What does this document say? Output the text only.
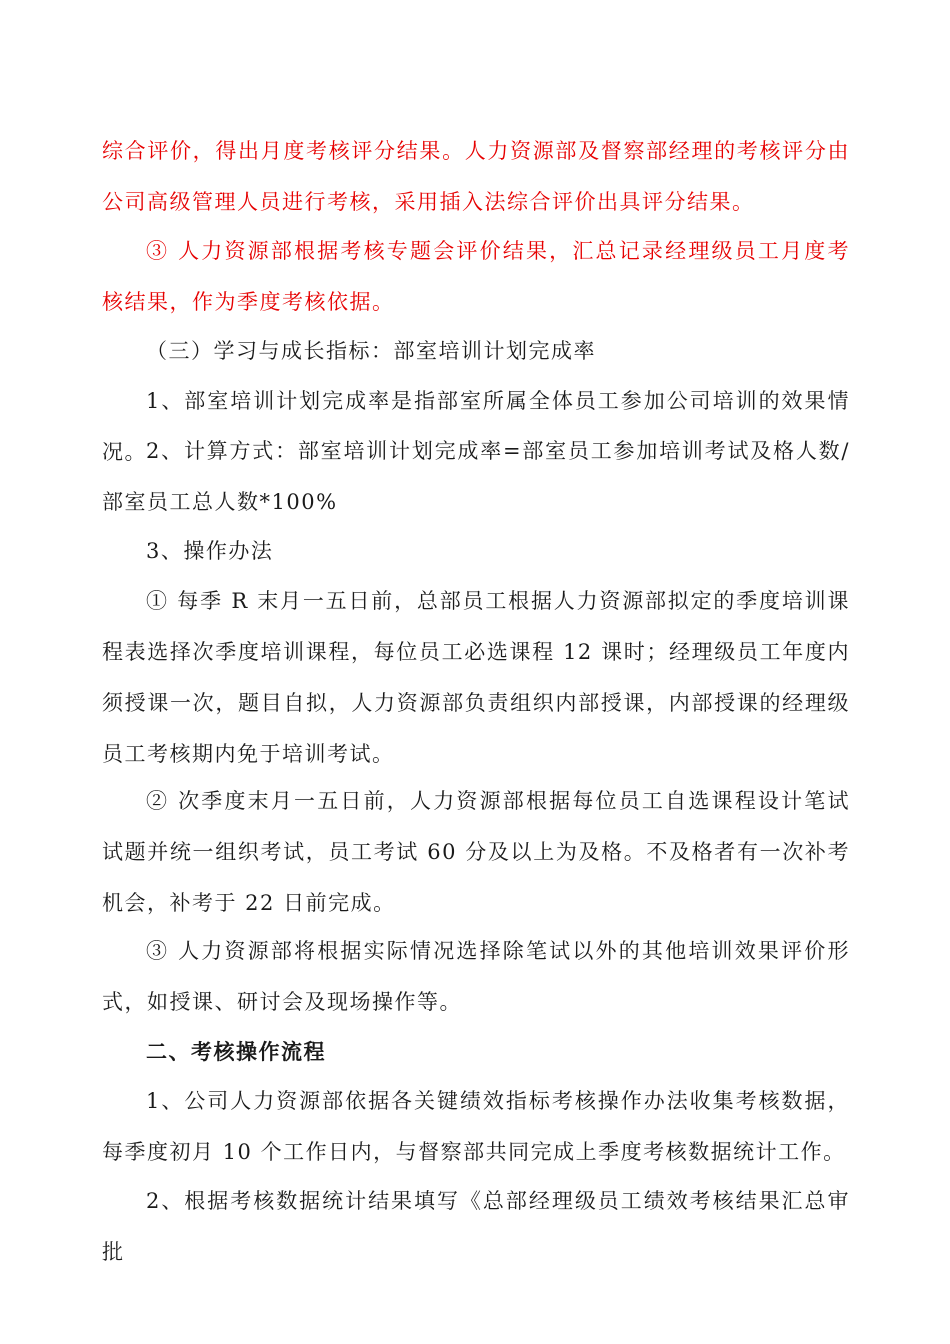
综合评价，得出月度考核评分结果。人力资源部及督察部经理的考核评分由公司高级管理人员进行考核，采用插入法综合评价出具评分结果。

③ 人力资源部根据考核专题会评价结果，汇总记录经理级员工月度考核结果，作为季度考核依据。

（三）学习与成长指标：部室培训计划完成率

1、部室培训计划完成率是指部室所属全体员工参加公司培训的效果情况。 2、计算方式：部室培训计划完成率=部室员工参加培训考试及格人数/部室员工总人数*100%

3、操作办法

① 每季 R 末月一五日前，总部员工根据人力资源部拟定的季度培训课程表选择次季度培训课程，每位员工必选课程 12 课时；经理级员工年度内须授课一次，题目自拟，人力资源部负责组织内部授课，内部授课的经理级员工考核期内免于培训考试。

② 次季度末月一五日前，人力资源部根据每位员工自选课程设计笔试试题并统一组织考试，员工考试 60 分及以上为及格。不及格者有一次补考机会，补考于 22 日前完成。

③ 人力资源部将根据实际情况选择除笔试以外的其他培训效果评价形式，如授课、研讨会及现场操作等。

二、考核操作流程

1、公司人力资源部依据各关键绩效指标考核操作办法收集考核数据，每季度初月 10 个工作日内，与督察部共同完成上季度考核数据统计工作。

2、根据考核数据统计结果填写《总部经理级员工绩效考核结果汇总审批
